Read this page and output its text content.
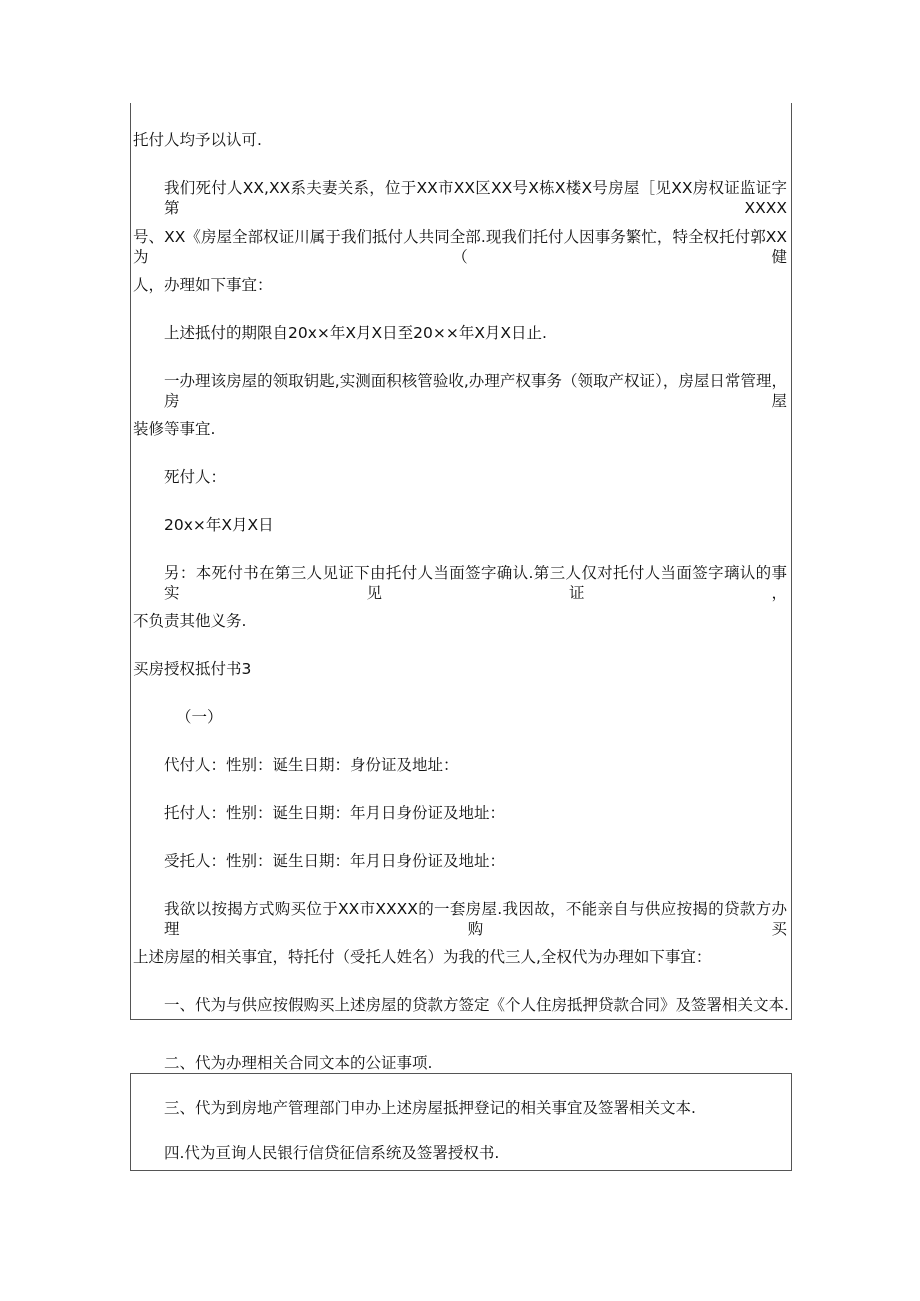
托付人均予以认可.
我们死付人XX,XX系夫妻关系，位于XX市XX区XX号X栋X楼X号房屋［见XX房权证监证字第XXXX
号、XX《房屋全部权证川属于我们抵付人共同全部.现我们托付人因事务繁忙，特全权托付郭XX为（健
人，办理如下事宜：
上述抵付的期限自20x×年X月X日至20××年X月X日止.
一办理该房屋的领取钥匙,实测面积核管验收,办理产权事务（领取产权证），房屋日常管理，房屋
装修等事宜.
死付人：
20x×年X月X日
另：本死付书在第三人见证下由托付人当面签字确认.第三人仅对托付人当面签字璃认的事实见证，
不负责其他义务.
买房授权抵付书3
（一）
代付人：性别：诞生日期：身份证及地址：
托付人：性别：诞生日期：年月日身份证及地址：
受托人：性别：诞生日期：年月日身份证及地址：
我欲以按揭方式购买位于XX市XXXX的一套房屋.我因故，不能亲自与供应按揭的贷款方办理购买
上述房屋的相关事宜，特托付（受托人姓名）为我的代三人,全权代为办理如下事宜：
一、代为与供应按假购买上述房屋的贷款方签定《个人住房抵押贷款合同》及签署相关文本.
二、代为办理相关合同文本的公证事项.
三、代为到房地产管理部门申办上述房屋抵押登记的相关事宜及签署相关文本.
四.代为亘询人民银行信贷征信系统及签署授权书.
